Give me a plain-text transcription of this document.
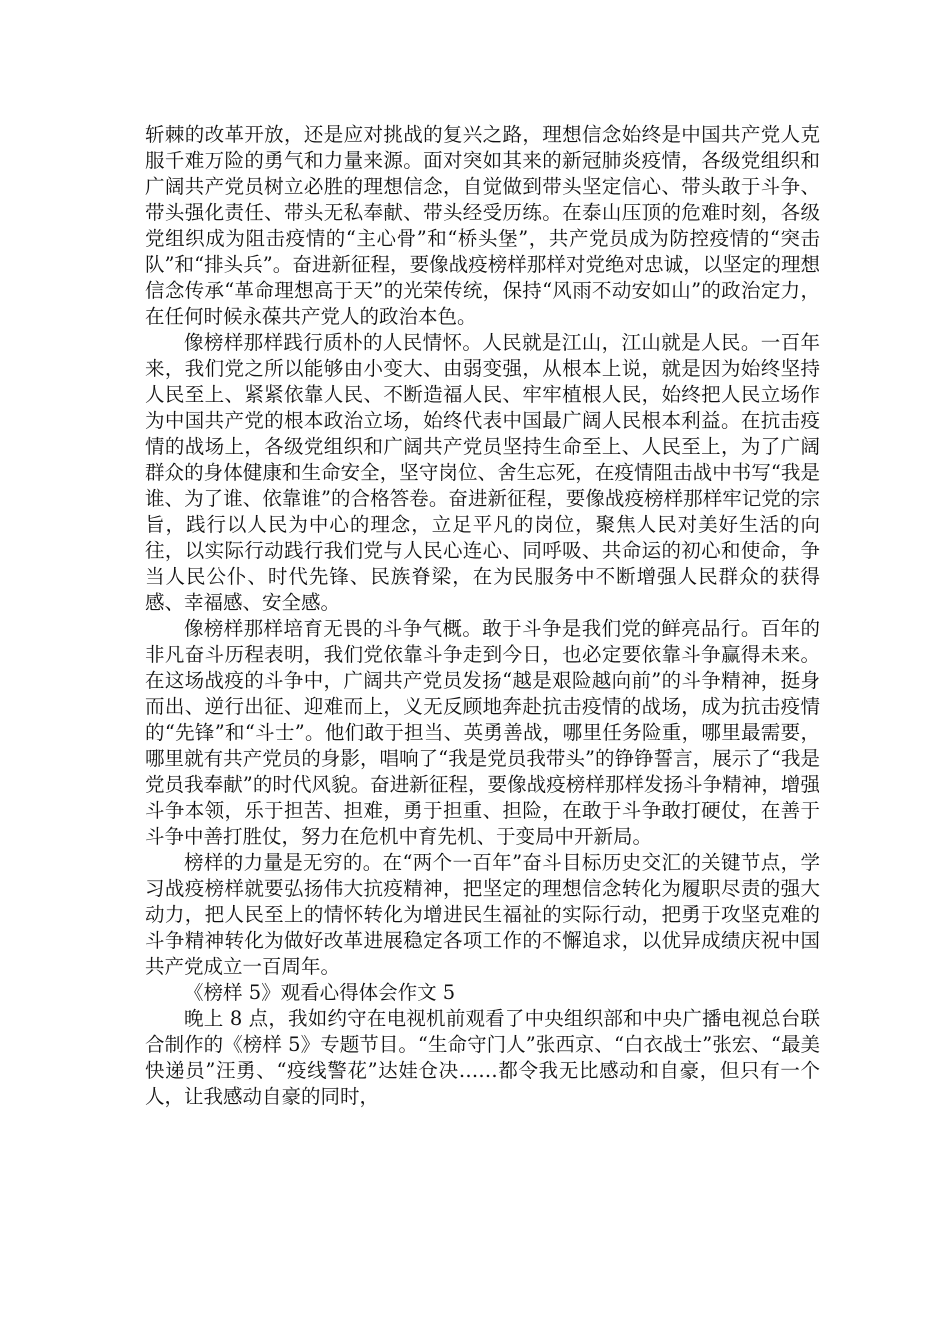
斩棘的改革开放，还是应对挑战的复兴之路，理想信念始终是中国共产党人克服千难万险的勇气和力量来源。面对突如其来的新冠肺炎疫情，各级党组织和广阔共产党员树立必胜的理想信念，自觉做到带头坚定信心、带头敢于斗争、带头强化责任、带头无私奉献、带头经受历练。在泰山压顶的危难时刻，各级党组织成为阻击疫情的“主心骨”和“桥头堡”，共产党员成为防控疫情的“突击队”和“排头兵”。奋进新征程，要像战疫榜样那样对党绝对忠诚，以坚定的理想信念传承“革命理想高于天”的光荣传统，保持“风雨不动安如山”的政治定力，在任何时候永葆共产党人的政治本色。

像榜样那样践行质朴的人民情怀。人民就是江山，江山就是人民。一百年来，我们党之所以能够由小变大、由弱变强，从根本上说，就是因为始终坚持人民至上、紧紧依靠人民、不断造福人民、牢牢植根人民，始终把人民立场作为中国共产党的根本政治立场，始终代表中国最广阔人民根本利益。在抗击疫情的战场上，各级党组织和广阔共产党员坚持生命至上、人民至上，为了广阔群众的身体健康和生命安全，坚守岗位、舍生忘死，在疫情阻击战中书写“我是谁、为了谁、依靠谁”的合格答卷。奋进新征程，要像战疫榜样那样牢记党的宗旨，践行以人民为中心的理念，立足平凡的岗位，聚焦人民对美好生活的向往，以实际行动践行我们党与人民心连心、同呼吸、共命运的初心和使命，争当人民公仆、时代先锋、民族脊梁，在为民服务中不断增强人民群众的获得感、幸福感、安全感。

像榜样那样培育无畏的斗争气概。敢于斗争是我们党的鲜亮品行。百年的非凡奋斗历程表明，我们党依靠斗争走到今日，也必定要依靠斗争赢得未来。在这场战疫的斗争中，广阔共产党员发扬“越是艰险越向前”的斗争精神，挺身而出、逆行出征、迎难而上，义无反顾地奔赴抗击疫情的战场，成为抗击疫情的“先锋”和“斗士”。他们敢于担当、英勇善战，哪里任务险重，哪里最需要，哪里就有共产党员的身影，唱响了“我是党员我带头”的铮铮誓言，展示了“我是党员我奉献”的时代风貌。奋进新征程，要像战疫榜样那样发扬斗争精神，增强斗争本领，乐于担苦、担难，勇于担重、担险，在敢于斗争敢打硬仗，在善于斗争中善打胜仗，努力在危机中育先机、于变局中开新局。

榜样的力量是无穷的。在“两个一百年”奋斗目标历史交汇的关键节点，学习战疫榜样就要弘扬伟大抗疫精神，把坚定的理想信念转化为履职尽责的强大动力，把人民至上的情怀转化为增进民生福祉的实际行动，把勇于攻坚克难的斗争精神转化为做好改革进展稳定各项工作的不懈追求，以优异成绩庆祝中国共产党成立一百周年。

《榜样 5》观看心得体会作文 5

晚上 8 点，我如约守在电视机前观看了中央组织部和中央广播电视总台联合制作的《榜样 5》专题节目。“生命守门人”张西京、“白衣战士”张宏、“最美快递员”汪勇、“疫线警花”达娃仓决……都令我无比感动和自豪，但只有一个人，让我感动自豪的同时，
